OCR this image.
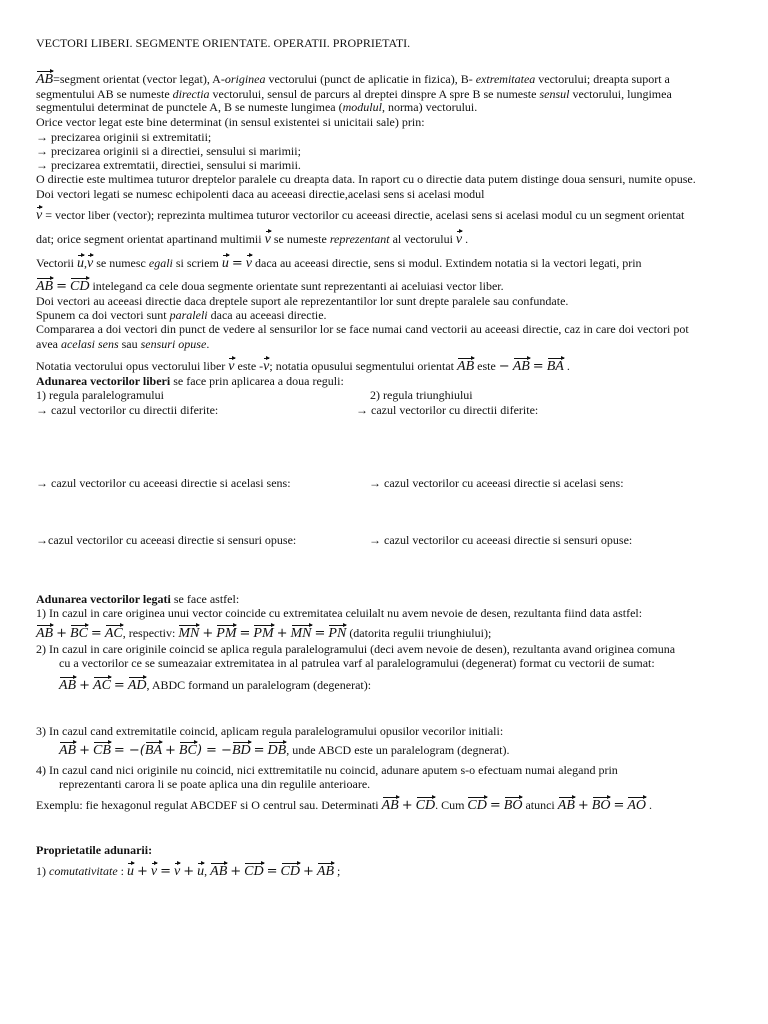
VECTORI LIBERI. SEGMENTE ORIENTATE. OPERATII. PROPRIETATI.
AB=segment orientat (vector legat), A-originea vectorului (punct de aplicatie in fizica), B- extremitatea vectorului; dreapta suport a
segmentului AB se numeste directia vectorului, sensul de parcurs al dreptei dinspre A spre B se numeste sensul vectorului, lungimea
segmentului determinat de punctele A, B se numeste lungimea (modulul, norma) vectorului.
Orice vector legat este bine determinat (in sensul existentei si unicitaii sale) prin:
→ precizarea originii si extremitatii;
→ precizarea originii si a directiei, sensului si marimii;
→ precizarea extremtatii, directiei, sensului si marimii.
O directie este multimea tuturor dreptelor paralele cu dreapta data. In raport cu o directie data putem distinge doua sensuri, numite opuse.
Doi vectori legati se numesc echipolenti daca au aceeasi directie,acelasi sens si acelasi modul
v = vector liber (vector); reprezinta multimea tuturor vectorilor cu aceeasi directie, acelasi sens si acelasi modul cu un segment orientat
dat; orice segment orientat apartinand multimii v se numeste reprezentant al vectorului v .
Vectorii u,v se numesc egali si scriem u = v daca au aceeasi directie, sens si modul. Extindem notatia si la vectori legati, prin
AB = CD intelegand ca cele doua segmente orientate sunt reprezentanti ai aceluiasi vector liber.
Doi vectori au aceeasi directie daca dreptele suport ale reprezentantilor lor sunt drepte paralele sau confundate.
Spunem ca doi vectori sunt paraleli daca au aceeasi directie.
Compararea a doi vectori din punct de vedere al sensurilor lor se face numai cand vectorii au aceeasi directie, caz in care doi vectori pot
avea acelasi sens sau sensuri opuse.
Notatia vectorului opus vectorului liber v este -v; notatia opusului segmentului orientat AB este − AB = BA .
Adunarea vectorilor liberi se face prin aplicarea a doua reguli:
1) regula paralelogramului	2) regula triunghiului
→ cazul vectorilor cu directii diferite:	→ cazul vectorilor cu directii diferite:
→ cazul vectorilor cu aceeasi directie si acelasi sens:	→ cazul vectorilor cu aceeasi directie si acelasi sens:
→cazul vectorilor cu aceeasi directie si sensuri opuse:	→ cazul vectorilor cu aceeasi directie si sensuri opuse:
Adunarea vectorilor legati se face astfel:
1) In cazul in care originea unui vector coincide cu extremitatea celuilalt nu avem nevoie de desen, rezultanta fiind data astfel:
AB + BC = AC, respectiv: MN + PM = PM + MN = PN (datorita regulii triunghiului);
2) In cazul in care originile coincid se aplica regula paralelogramului (deci avem nevoie de desen), rezultanta avand originea comuna
cu a vectorilor ce se sumeazaiar extremitatea in al patrulea varf al paralelogramului (degenerat) format cu vectorii de sumat:
AB + AC = AD, ABDC formand un paralelogram (degenerat):
3) In cazul cand extremitatile coincid, aplicam regula paralelogramului opusilor vecorilor initiali:
AB + CB = −(BA + BC) = −BD = DB, unde ABCD este un paralelogram (degnerat).
4) In cazul cand nici originile nu coincid, nici exttremitatile nu coincid, adunare aputem s-o efectuam numai alegand prin
reprezentanti carora li se poate aplica una din regulile anterioare.
Exemplu: fie hexagonul regulat ABCDEF si O centrul sau. Determinati AB + CD. Cum CD = BO atunci AB + BO = AO .
Proprietatile adunarii:
1) comutativitate : u + v = v + u, AB + CD = CD + AB ;
